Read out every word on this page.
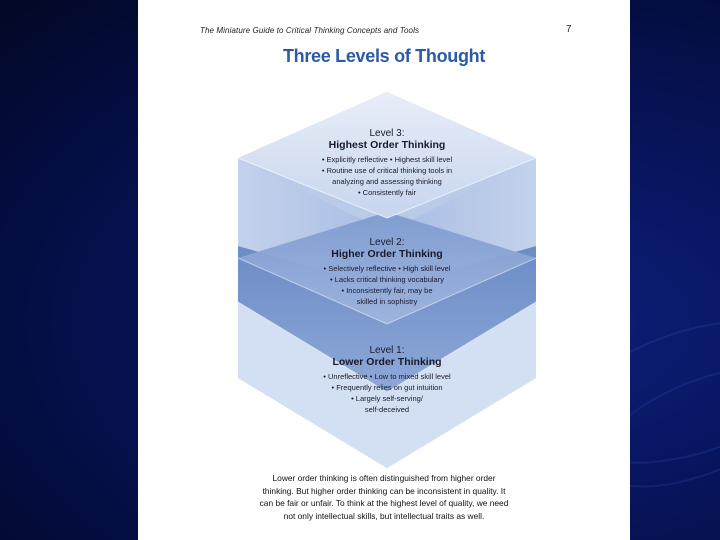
The Miniature Guide to Critical Thinking Concepts and Tools	7
Three Levels of Thought
Level 3:
Highest Order Thinking
• Explicitly reflective • Highest skill level
• Routine use of critical thinking tools in
analyzing and assessing thinking
• Consistently fair
Level 2:
Higher Order Thinking
• Selectively reflective • High skill level
• Lacks critical thinking vocabulary
• Inconsistently fair, may be
skilled in sophistry
Level 1:
Lower Order Thinking
• Unreflective • Low to mixed skill level
• Frequently relies on gut intuition
• Largely self-serving/
self-deceived
Lower order thinking is often distinguished from higher order
thinking. But higher order thinking can be inconsistent in quality. It
can be fair or unfair. To think at the highest level of quality, we need
not only intellectual skills, but intellectual traits as well.
